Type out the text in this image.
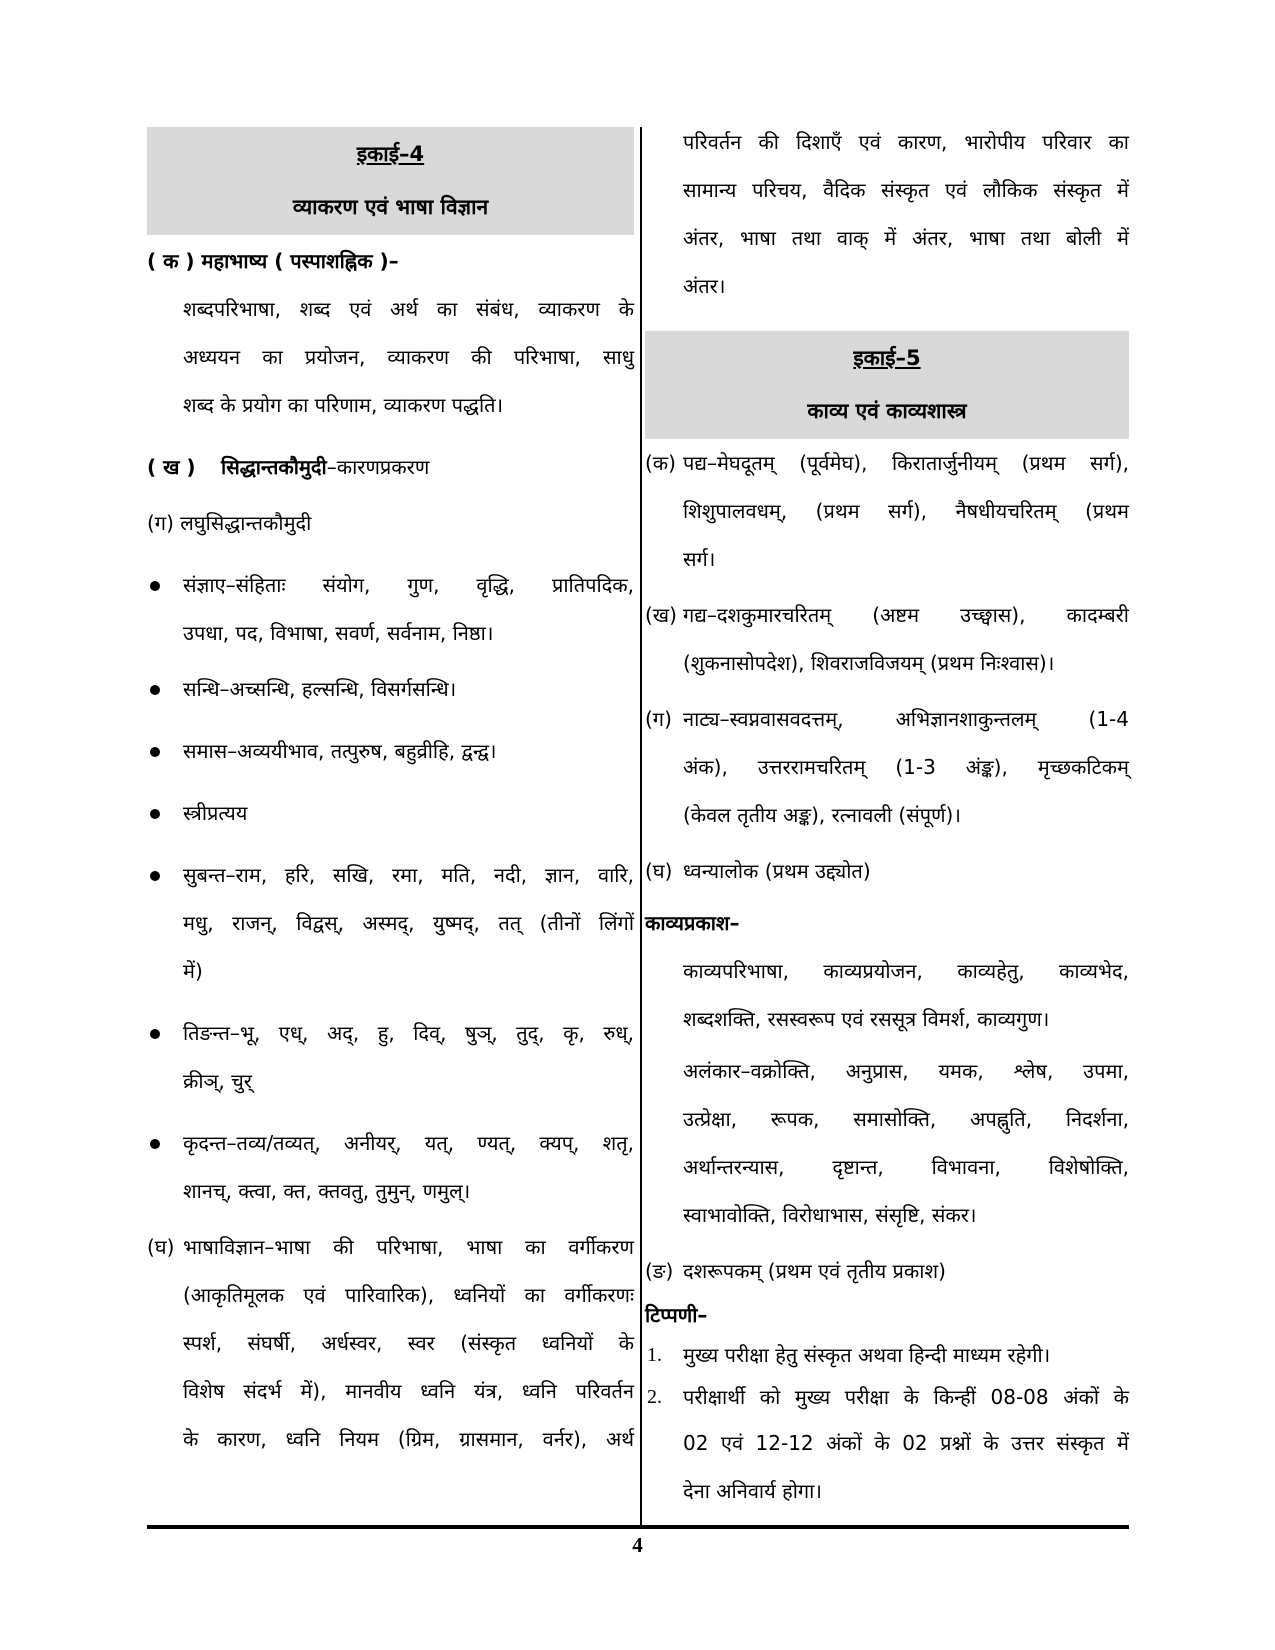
इकाई–4
व्याकरण एवं भाषा विज्ञान
( क ) महाभाष्य ( पस्पाशह्निक )–
शब्दपरिभाषा, शब्द एवं अर्थ का संबंध, व्याकरण के
अध्ययन का प्रयोजन, व्याकरण की परिभाषा, साधु
शब्द के प्रयोग का परिणाम, व्याकरण पद्धति।
( ख ) सिद्धान्तकौमुदी–कारणप्रकरण
(ग) लघुसिद्धान्तकौमुदी
संज्ञाए–संहिताः संयोग, गुण, वृद्धि, प्रातिपदिक,
उपधा, पद, विभाषा, सवर्ण, सर्वनाम, निष्ठा।
सन्धि–अच्सन्धि, हल्सन्धि, विसर्गसन्धि।
समास–अव्ययीभाव, तत्पुरुष, बहुव्रीहि, द्वन्द्व।
स्त्रीप्रत्यय
सुबन्त–राम, हरि, सखि, रमा, मति, नदी, ज्ञान, वारि,
मधु, राजन्, विद्वस्, अस्मद्, युष्मद्, तत् (तीनों लिंगों
में)
तिङन्त–भू, एध्, अद्, हु, दिव्, षुञ्, तुद्, कृ, रुध्,
क्रीञ्, चुर्
कृदन्त–तव्य/तव्यत्, अनीयर्, यत्, ण्यत्, क्यप्, शतृ,
शानच्, क्त्वा, क्त, क्तवतु, तुमुन्, णमुल्।
(घ) भाषाविज्ञान–भाषा की परिभाषा, भाषा का वर्गीकरण
(आकृतिमूलक एवं पारिवारिक), ध्वनियों का वर्गीकरणः
स्पर्श, संघर्षी, अर्धस्वर, स्वर (संस्कृत ध्वनियों के
विशेष संदर्भ में), मानवीय ध्वनि यंत्र, ध्वनि परिवर्तन
के कारण, ध्वनि नियम (ग्रिम, ग्रासमान, वर्नर), अर्थ
परिवर्तन की दिशाएँ एवं कारण, भारोपीय परिवार का
सामान्य परिचय, वैदिक संस्कृत एवं लौकिक संस्कृत में
अंतर, भाषा तथा वाक् में अंतर, भाषा तथा बोली में
अंतर।
इकाई–5
काव्य एवं काव्यशास्त्र
(क) पद्य–मेघदूतम् (पूर्वमेघ), किरातार्जुनीयम् (प्रथम सर्ग),
शिशुपालवधम्, (प्रथम सर्ग), नैषधीयचरितम् (प्रथम
सर्ग।
(ख) गद्य–दशकुमारचरितम् (अष्टम उच्छ्वास), कादम्बरी
(शुकनासोपदेश), शिवराजविजयम् (प्रथम निःश्वास)।
(ग) नाट्य–स्वप्नवासवदत्तम्, अभिज्ञानशाकुन्तलम् (1-4
अंक), उत्तररामचरितम् (1-3 अंङ्क), मृच्छकटिकम्
(केवल तृतीय अङ्क), रत्नावली (संपूर्ण)।
(घ) ध्वन्यालोक (प्रथम उद्द्योत)
काव्यप्रकाश–
काव्यपरिभाषा, काव्यप्रयोजन, काव्यहेतु, काव्यभेद,
शब्दशक्ति, रसस्वरूप एवं रससूत्र विमर्श, काव्यगुण।
अलंकार–वक्रोक्ति, अनुप्रास, यमक, श्लेष, उपमा,
उत्प्रेक्षा, रूपक, समासोक्ति, अपह्नुति, निदर्शना,
अर्थान्तरन्यास, दृष्टान्त, विभावना, विशेषोक्ति,
स्वाभावोक्ति, विरोधाभास, संसृष्टि, संकर।
(ङ) दशरूपकम् (प्रथम एवं तृतीय प्रकाश)
टिप्पणी–
1. मुख्य परीक्षा हेतु संस्कृत अथवा हिन्दी माध्यम रहेगी।
2. परीक्षार्थी को मुख्य परीक्षा के किन्हीं 08-08 अंकों के
02 एवं 12-12 अंकों के 02 प्रश्नों के उत्तर संस्कृत में
देना अनिवार्य होगा।
4
